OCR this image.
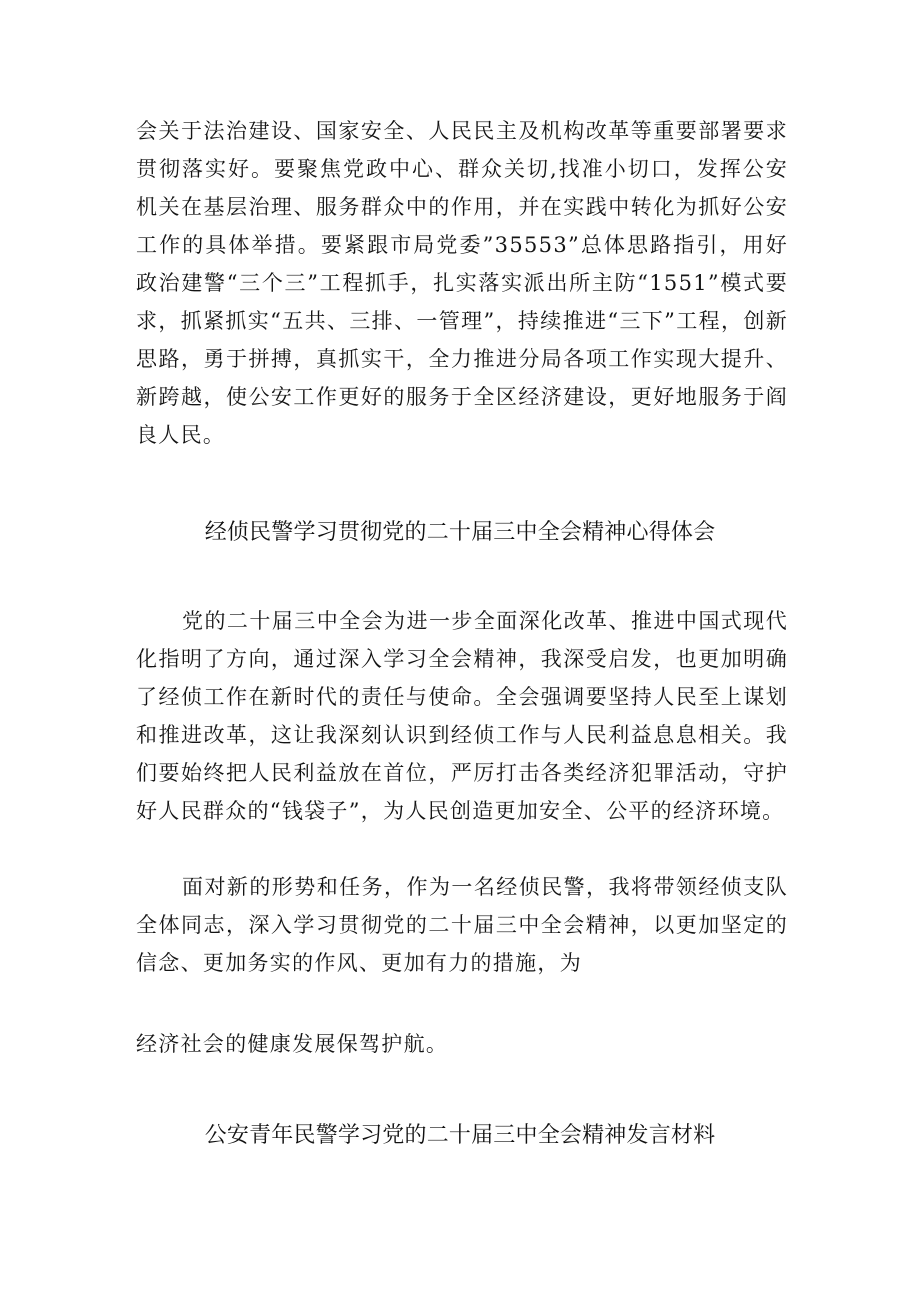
会关于法治建设、国家安全、人民民主及机构改革等重要部署要求贯彻落实好。要聚焦党政中心、群众关切,找准小切口，发挥公安机关在基层治理、服务群众中的作用，并在实践中转化为抓好公安工作的具体举措。要紧跟市局党委”35553”总体思路指引，用好政治建警“三个三”工程抓手，扎实落实派出所主防“1551”模式要求，抓紧抓实“五共、三排、一管理”，持续推进“三下”工程，创新思路，勇于拼搏，真抓实干，全力推进分局各项工作实现大提升、新跨越，使公安工作更好的服务于全区经济建设，更好地服务于阎良人民。

经侦民警学习贯彻党的二十届三中全会精神心得体会

党的二十届三中全会为进一步全面深化改革、推进中国式现代化指明了方向，通过深入学习全会精神，我深受启发，也更加明确了经侦工作在新时代的责任与使命。全会强调要坚持人民至上谋划和推进改革，这让我深刻认识到经侦工作与人民利益息息相关。我们要始终把人民利益放在首位，严厉打击各类经济犯罪活动，守护好人民群众的“钱袋子”，为人民创造更加安全、公平的经济环境。

面对新的形势和任务，作为一名经侦民警，我将带领经侦支队全体同志，深入学习贯彻党的二十届三中全会精神，以更加坚定的信念、更加务实的作风、更加有力的措施，为

经济社会的健康发展保驾护航。

公安青年民警学习党的二十届三中全会精神发言材料
